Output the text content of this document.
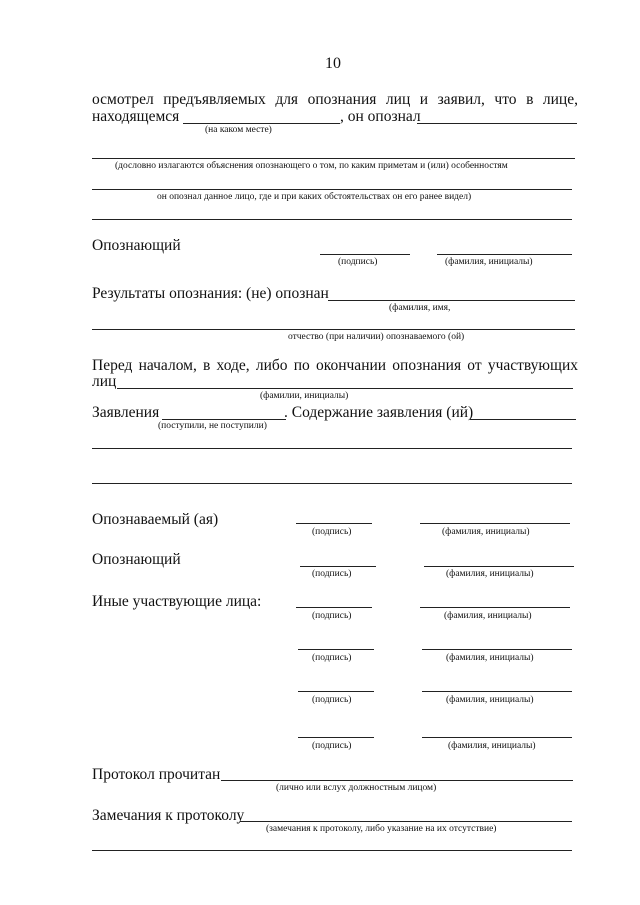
10
осмотрел предъявляемых для опознания лиц и заявил, что в лице,
находящемся	, он опознал
(на каком месте)
(дословно излагаются объяснения опознающего о том, по каким приметам и (или) особенностям
он опознал данное лицо, где и при каких обстоятельствах он его ранее видел)
Опознающий
(подпись)	(фамилия, инициалы)
Результаты опознания: (не) опознан
(фамилия, имя,
отчество (при наличии) опознаваемого (ой)
Перед началом, в ходе, либо по окончании опознания от участвующих
лиц
(фамилии, инициалы)
Заявления	. Содержание заявления (ий)
(поступили, не поступили)
Опознаваемый (ая)
(подпись)	(фамилия, инициалы)
Опознающий
(подпись)	(фамилия, инициалы)
Иные участвующие лица:
(подпись)	(фамилия, инициалы)
(подпись)	(фамилия, инициалы)
(подпись)	(фамилия, инициалы)
(подпись)	(фамилия, инициалы)
Протокол прочитан
(лично или вслух должностным лицом)
Замечания к протоколу
(замечания к протоколу, либо указание на их отсутствие)
